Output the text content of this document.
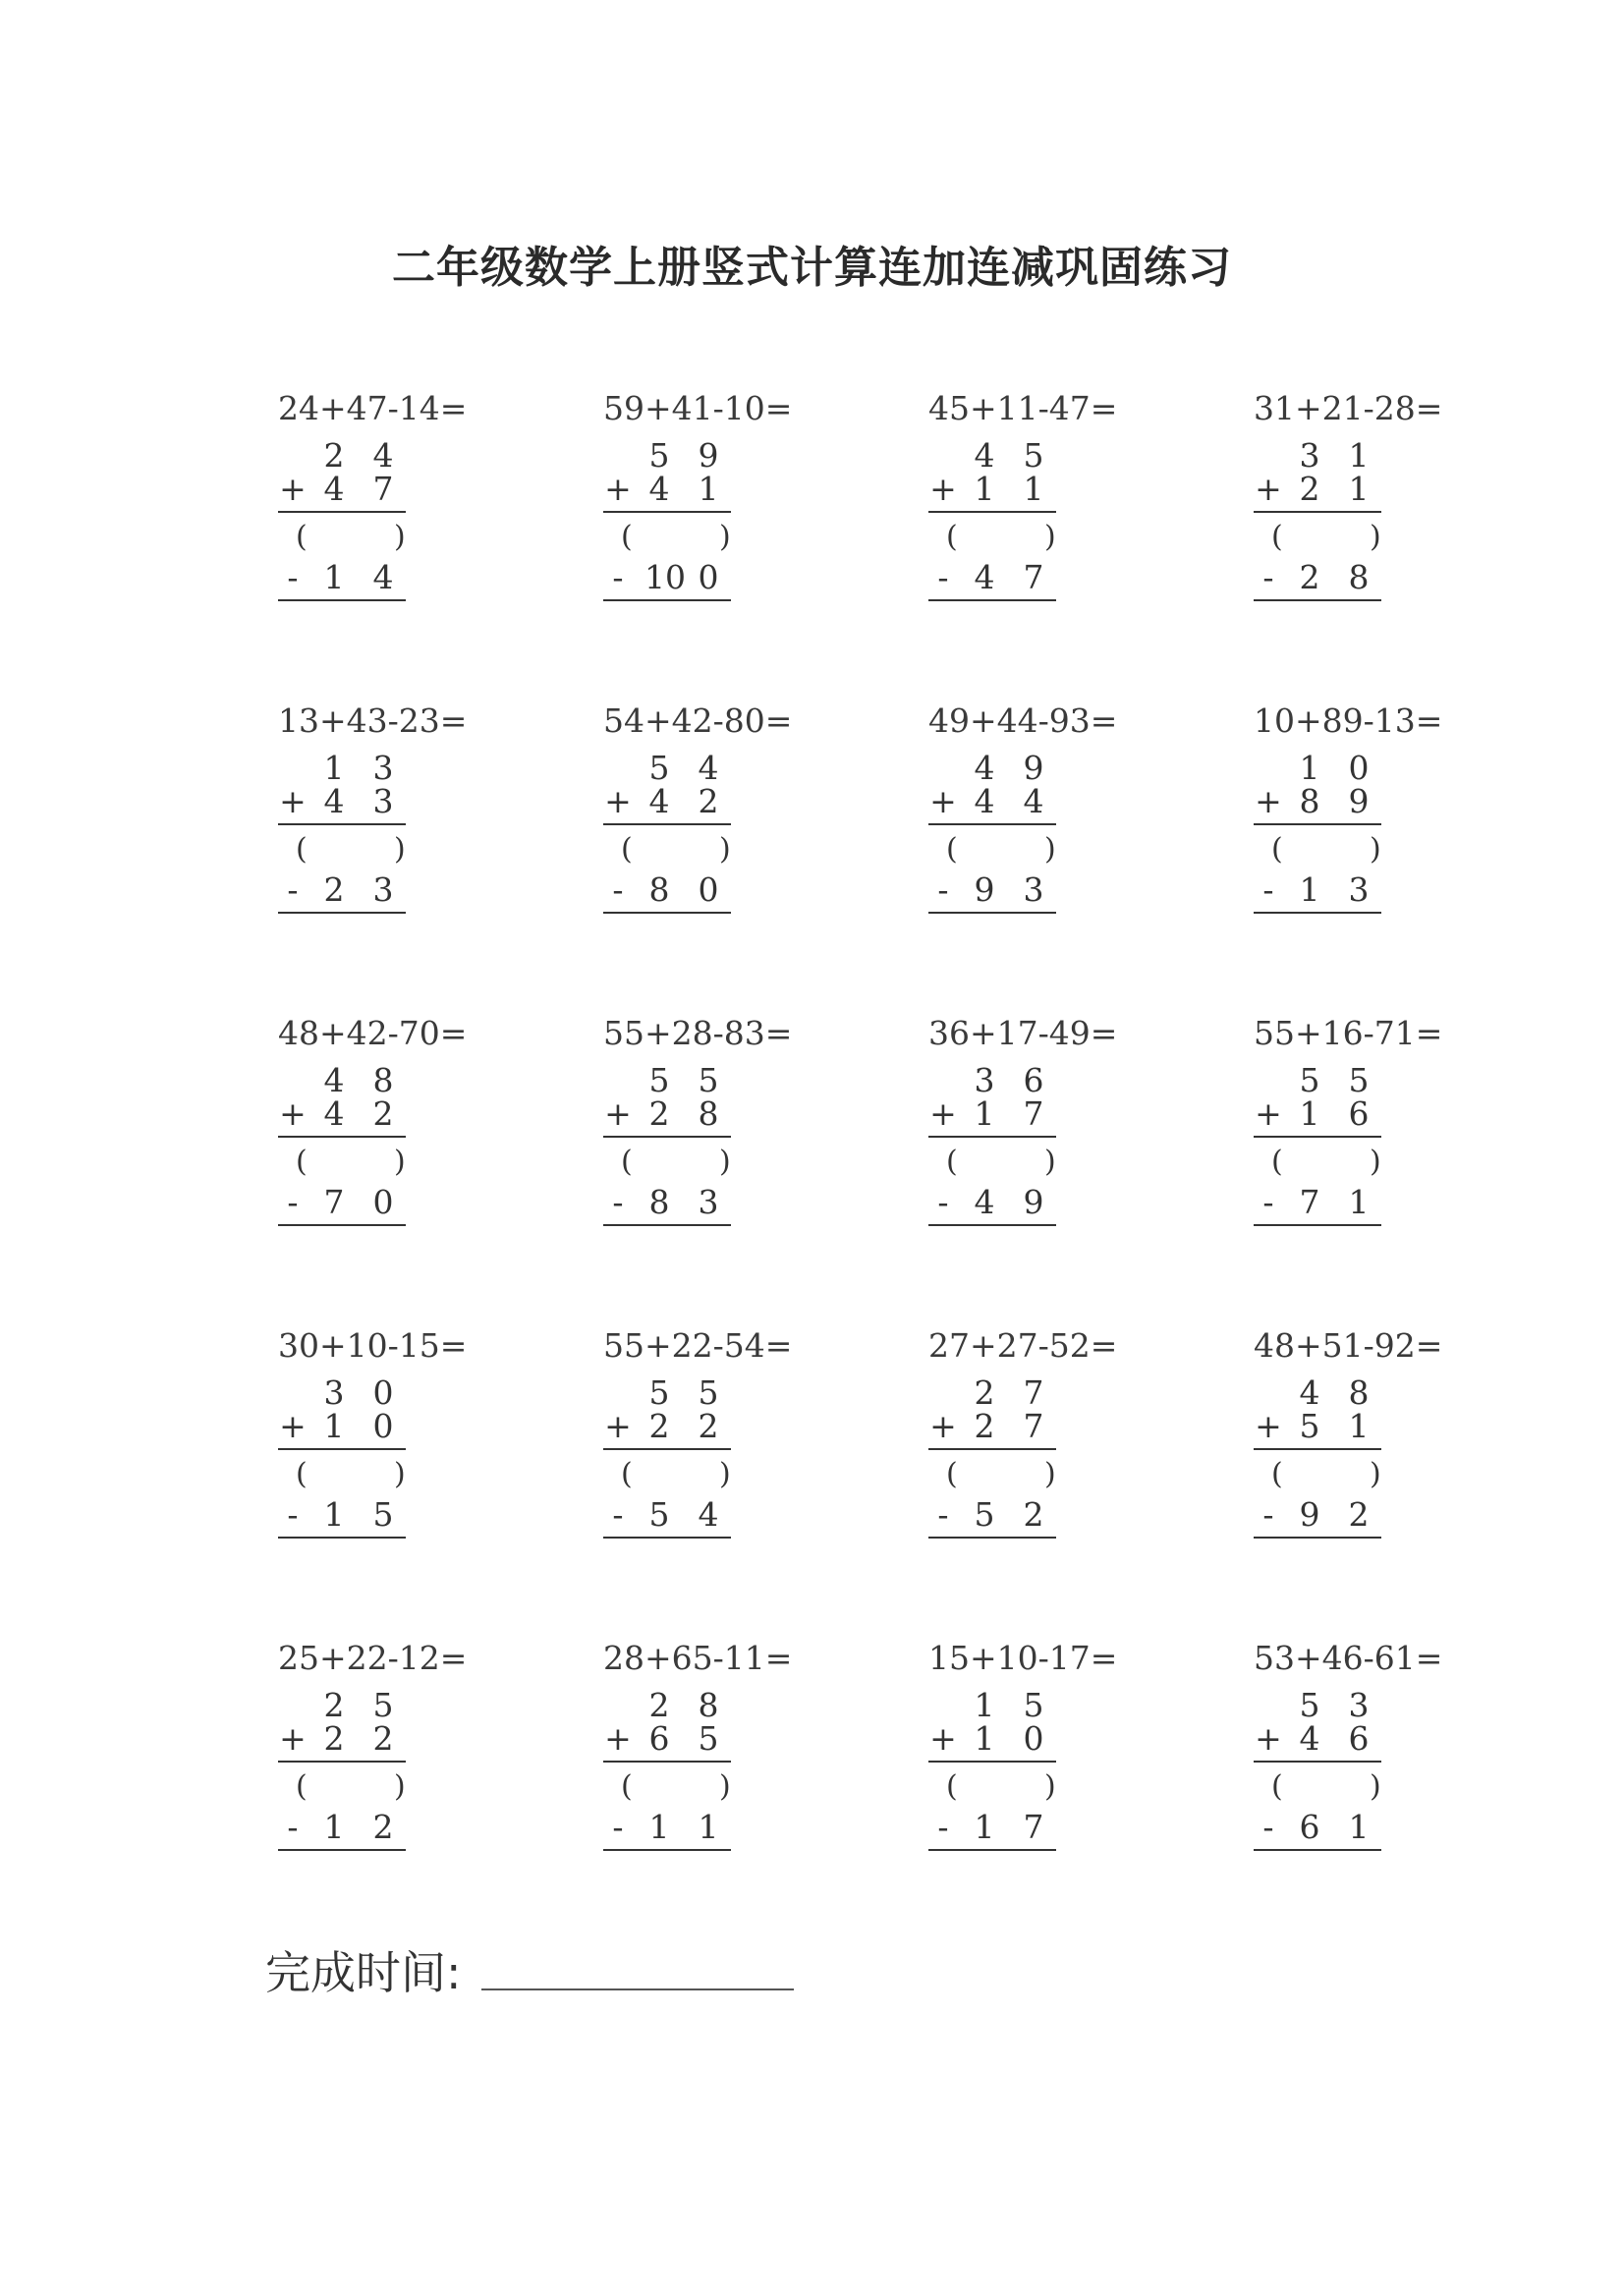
二年级数学上册竖式计算连加连减巩固练习
24+47-14=
2 4
+ 4 7
(	)
- 1 4
59+41-10=
5 9
+ 4 1
(	)
- 10 0
45+11-47=
4 5
+ 1 1
(	)
- 4 7
31+21-28=
3 1
+ 2 1
(	)
- 2 8
13+43-23=
1 3
+ 4 3
(	)
- 2 3
54+42-80=
5 4
+ 4 2
(	)
- 8 0
49+44-93=
4 9
+ 4 4
(	)
- 9 3
10+89-13=
1 0
+ 8 9
(	)
- 1 3
48+42-70=
4 8
+ 4 2
(	)
- 7 0
55+28-83=
5 5
+ 2 8
(	)
- 8 3
36+17-49=
3 6
+ 1 7
(	)
- 4 9
55+16-71=
5 5
+ 1 6
(	)
- 7 1
30+10-15=
3 0
+ 1 0
(	)
- 1 5
55+22-54=
5 5
+ 2 2
(	)
- 5 4
27+27-52=
2 7
+ 2 7
(	)
- 5 2
48+51-92=
4 8
+ 5 1
(	)
- 9 2
25+22-12=
2 5
+ 2 2
(	)
- 1 2
28+65-11=
2 8
+ 6 5
(	)
- 1 1
15+10-17=
1 5
+ 1 0
(	)
- 1 7
53+46-61=
5 3
+ 4 6
(	)
- 6 1
完成时间:
